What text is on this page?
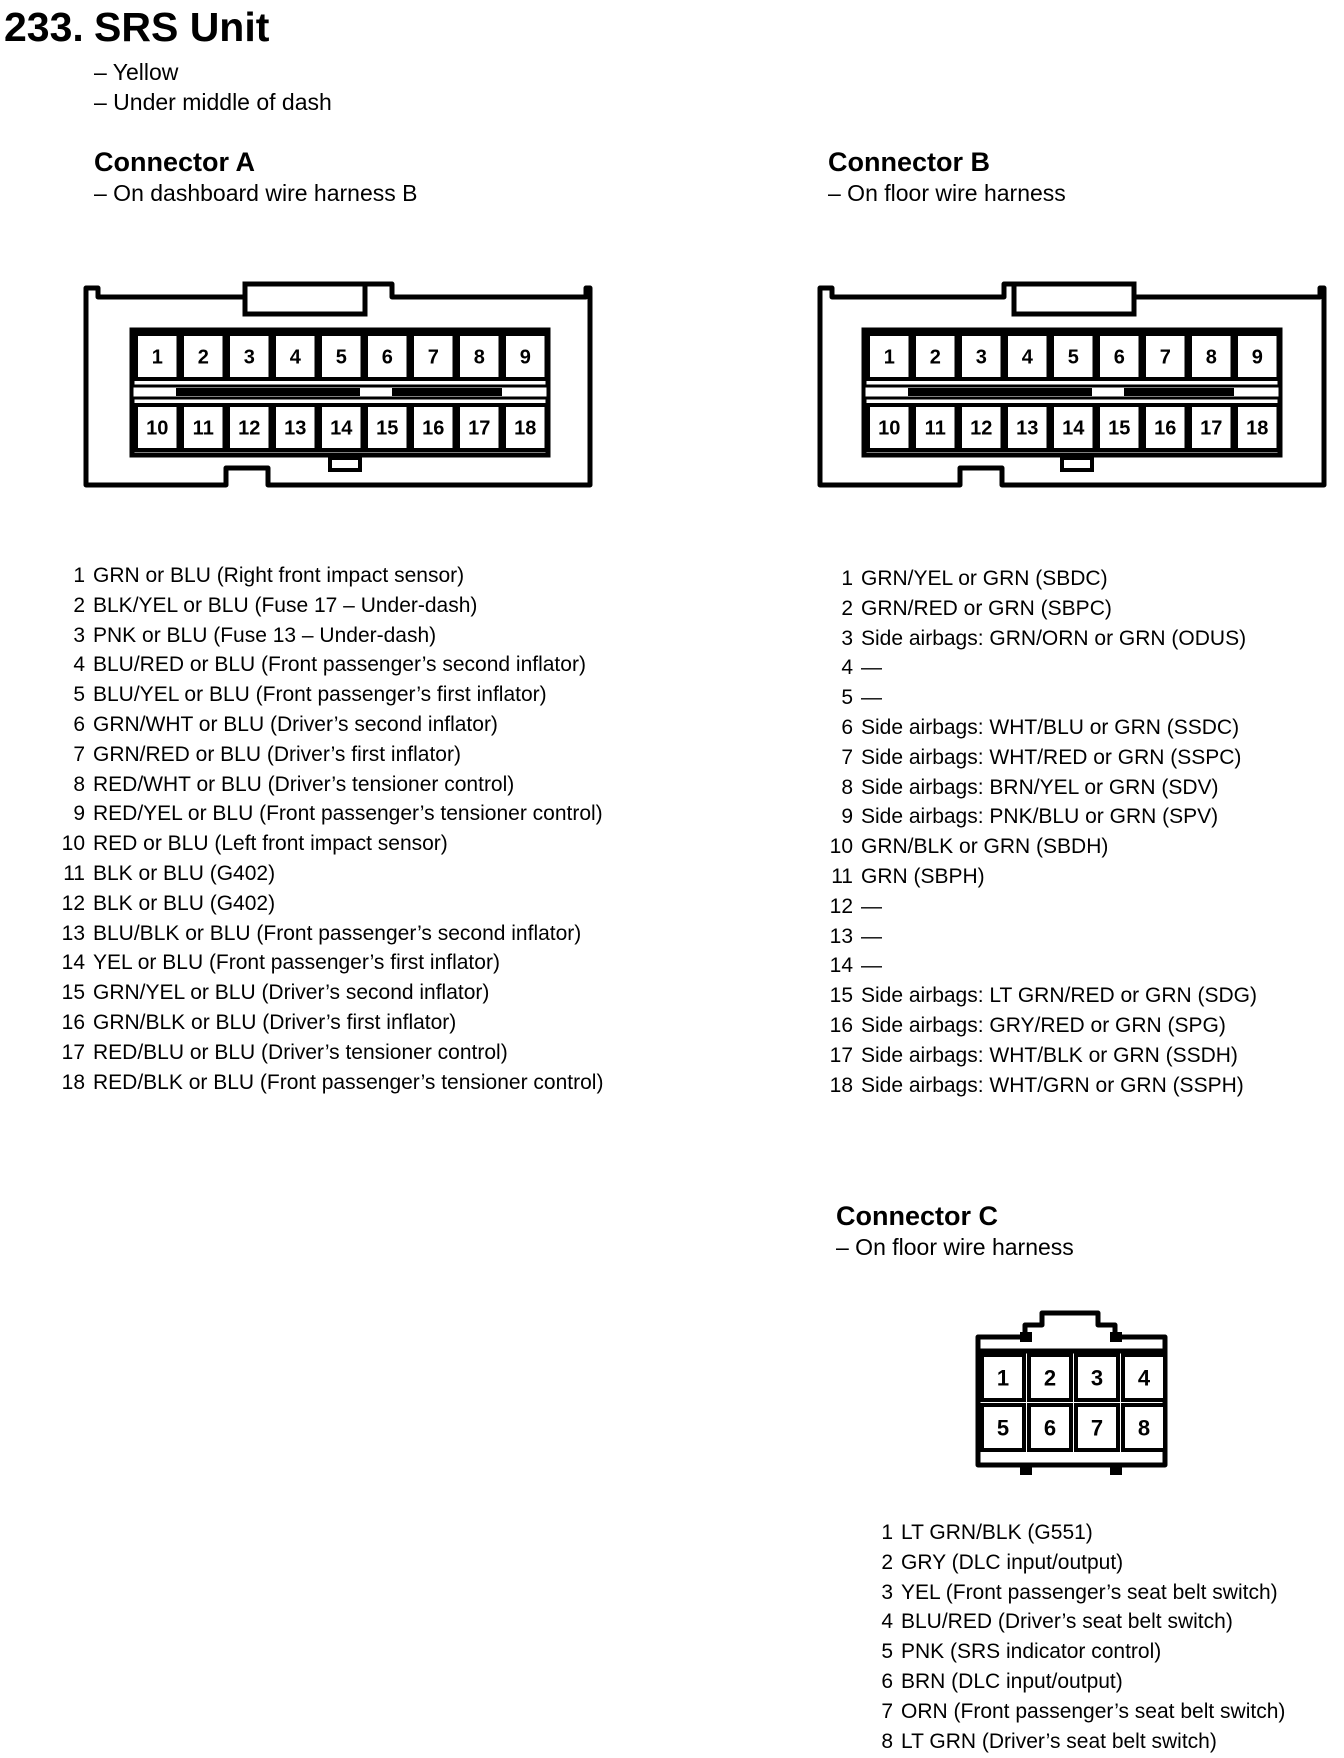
233. SRS Unit
– Yellow
– Under middle of dash
Connector A
– On dashboard wire harness B
Connector B
– On floor wire harness
1 2 3 4 5 6 7 8 9
10 11 12 13 14 15 16 17 18
1 2 3 4 5 6 7 8 9
10 11 12 13 14 15 16 17 18
1 GRN or BLU (Right front impact sensor)
2 BLK/YEL or BLU (Fuse 17 – Under-dash)
3 PNK or BLU (Fuse 13 – Under-dash)
4 BLU/RED or BLU (Front passenger’s second inflator)
5 BLU/YEL or BLU (Front passenger’s first inflator)
6 GRN/WHT or BLU (Driver’s second inflator)
7 GRN/RED or BLU (Driver’s first inflator)
8 RED/WHT or BLU (Driver’s tensioner control)
9 RED/YEL or BLU (Front passenger’s tensioner control)
10 RED or BLU (Left front impact sensor)
11 BLK or BLU (G402)
12 BLK or BLU (G402)
13 BLU/BLK or BLU (Front passenger’s second inflator)
14 YEL or BLU (Front passenger’s first inflator)
15 GRN/YEL or BLU (Driver’s second inflator)
16 GRN/BLK or BLU (Driver’s first inflator)
17 RED/BLU or BLU (Driver’s tensioner control)
18 RED/BLK or BLU (Front passenger’s tensioner control)
1 GRN/YEL or GRN (SBDC)
2 GRN/RED or GRN (SBPC)
3 Side airbags: GRN/ORN or GRN (ODUS)
4 —
5 —
6 Side airbags: WHT/BLU or GRN (SSDC)
7 Side airbags: WHT/RED or GRN (SSPC)
8 Side airbags: BRN/YEL or GRN (SDV)
9 Side airbags: PNK/BLU or GRN (SPV)
10 GRN/BLK or GRN (SBDH)
11 GRN (SBPH)
12 —
13 —
14 —
15 Side airbags: LT GRN/RED or GRN (SDG)
16 Side airbags: GRY/RED or GRN (SPG)
17 Side airbags: WHT/BLK or GRN (SSDH)
18 Side airbags: WHT/GRN or GRN (SSPH)
Connector C
– On floor wire harness
1 2 3 4
5 6 7 8
1 LT GRN/BLK (G551)
2 GRY (DLC input/output)
3 YEL (Front passenger’s seat belt switch)
4 BLU/RED (Driver’s seat belt switch)
5 PNK (SRS indicator control)
6 BRN (DLC input/output)
7 ORN (Front passenger’s seat belt switch)
8 LT GRN (Driver’s seat belt switch)
